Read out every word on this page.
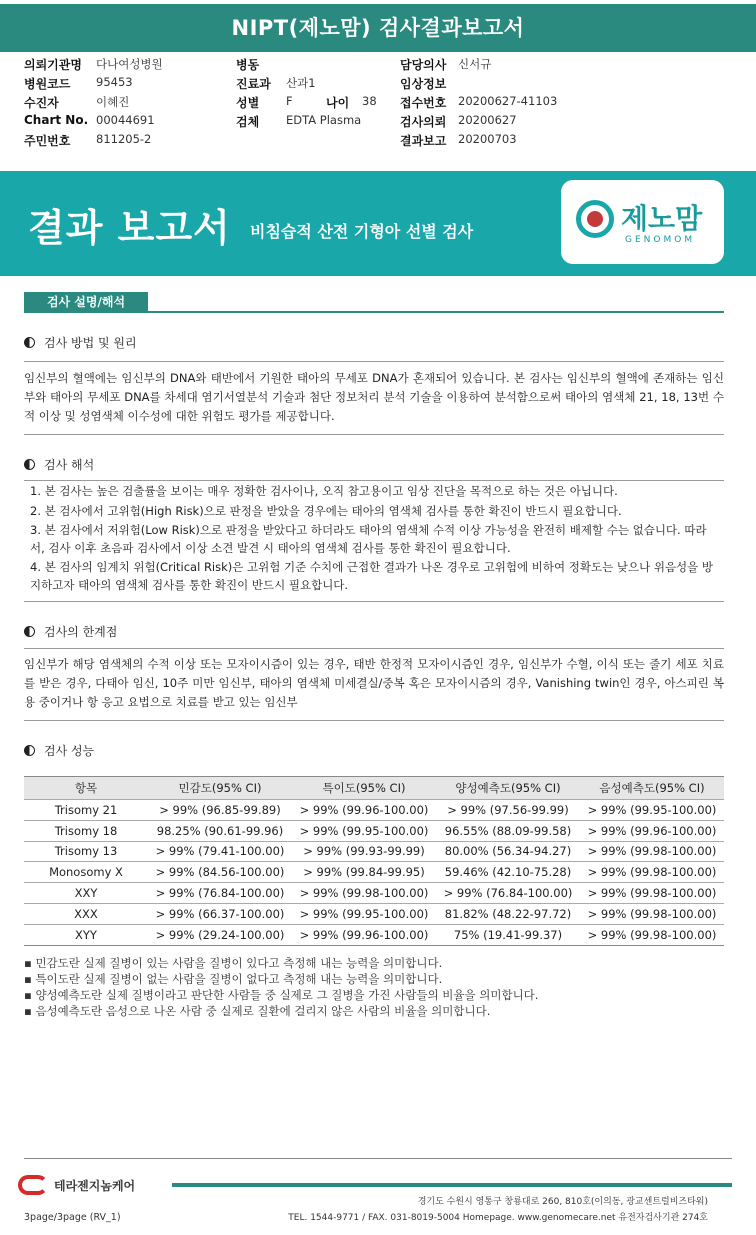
NIPT(제노맘) 검사결과보고서
의뢰기관명 다나여성병원	병동	담당의사 신서규
병원코드 95453	진료과 산과1	임상정보
수진자	이혜진	성별 F	나이 38 접수번호 20200627-41103
Chart No. 00044691	검체 EDTA Plasma	검사의뢰 20200627
주민번호 811205-2	결과보고 20200703
결과 보고서 비침습적 산전 기형아 선별 검사	제노맘
GENOMOM
검사 설명/해석
검사 방법 및 원리
임신부의 혈액에는 임신부의 DNA와 태반에서 기원한 태아의 무세포 DNA가 혼재되어 있습니다. 본 검사는 임신부의 혈액에 존재하는 임신부와 태아의 무세포 DNA를 차세대 염기서열분석 기술과 첨단 정보처리 분석 기술을 이용하여 분석함으로써 태아의 염색체 21, 18, 13번 수적 이상 및 성염색체 이수성에 대한 위험도 평가를 제공합니다.
검사 해석
1. 본 검사는 높은 검출률을 보이는 매우 정확한 검사이나, 오직 참고용이고 임상 진단을 목적으로 하는 것은 아닙니다.
2. 본 검사에서 고위험(High Risk)으로 판정을 받았을 경우에는 태아의 염색체 검사를 통한 확진이 반드시 필요합니다.
3. 본 검사에서 저위험(Low Risk)으로 판정을 받았다고 하더라도 태아의 염색체 수적 이상 가능성을 완전히 배제할 수는 없습니다. 따라서, 검사 이후 초음파 검사에서 이상 소견 발견 시 태아의 염색체 검사를 통한 확진이 필요합니다.
4. 본 검사의 임계치 위험(Critical Risk)은 고위험 기준 수치에 근접한 결과가 나온 경우로 고위험에 비하여 정확도는 낮으나 위음성을 방지하고자 태아의 염색체 검사를 통한 확진이 반드시 필요합니다.
검사의 한계점
임신부가 해당 염색체의 수적 이상 또는 모자이시즘이 있는 경우, 태반 한정적 모자이시즘인 경우, 임신부가 수혈, 이식 또는 줄기 세포 치료를 받은 경우, 다태아 임신, 10주 미만 임신부, 태아의 염색체 미세결실/중복 혹은 모자이시즘의 경우, Vanishing twin인 경우, 아스피린 복용 중이거나 항 응고 요법으로 치료를 받고 있는 임신부
검사 성능
항목	민감도(95% CI)	특이도(95% CI)	양성예측도(95% CI)	음성예측도(95% CI)
Trisomy 21	> 99% (96.85-99.89)	> 99% (99.96-100.00)	> 99% (97.56-99.99)	> 99% (99.95-100.00)
Trisomy 18	98.25% (90.61-99.96)	> 99% (99.95-100.00)	96.55% (88.09-99.58)	> 99% (99.96-100.00)
Trisomy 13	> 99% (79.41-100.00)	> 99% (99.93-99.99)	80.00% (56.34-94.27)	> 99% (99.98-100.00)
Monosomy X	> 99% (84.56-100.00)	> 99% (99.84-99.95)	59.46% (42.10-75.28)	> 99% (99.98-100.00)
XXY	> 99% (76.84-100.00)	> 99% (99.98-100.00)	> 99% (76.84-100.00)	> 99% (99.98-100.00)
XXX	> 99% (66.37-100.00)	> 99% (99.95-100.00)	81.82% (48.22-97.72)	> 99% (99.98-100.00)
XYY	> 99% (29.24-100.00)	> 99% (99.96-100.00)	75% (19.41-99.37)	> 99% (99.98-100.00)
▪ 민감도란 실제 질병이 있는 사람을 질병이 있다고 측정해 내는 능력을 의미합니다.
▪ 특이도란 실제 질병이 없는 사람을 질병이 없다고 측정해 내는 능력을 의미합니다.
▪ 양성예측도란 실제 질병이라고 판단한 사람들 중 실제로 그 질병을 가진 사람들의 비율을 의미합니다.
▪ 음성예측도란 음성으로 나온 사람 중 실제로 질환에 걸리지 않은 사람의 비율을 의미합니다.
테라젠지놈케어
경기도 수원시 영통구 창룡대로 260, 810호(이의동, 광교센트럴비즈타워)
TEL. 1544-9771 / FAX. 031-8019-5004 Homepage. www.genomecare.net 유전자검사기관 274호
3page/3page (RV_1)
